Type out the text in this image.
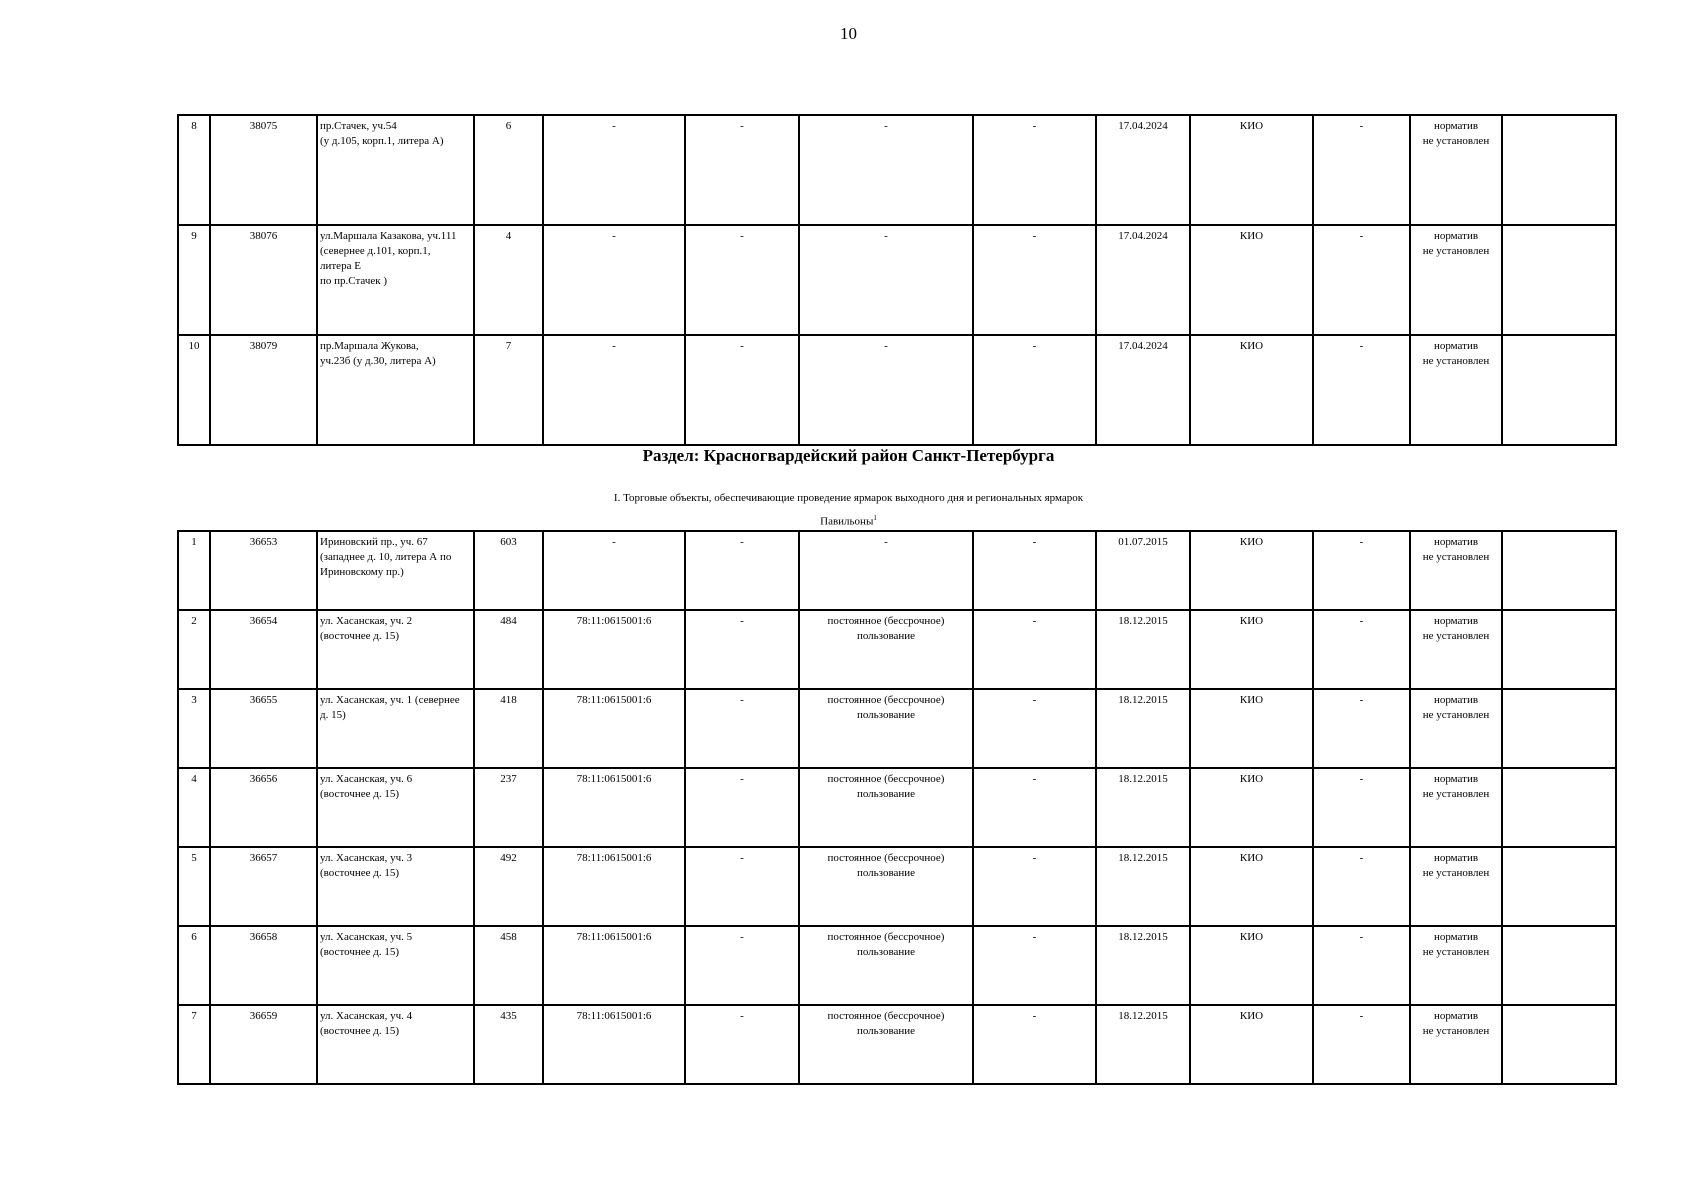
10
8	38075	пр.Стачек, уч.54
(у д.105, корп.1, литера А)	6	-	-	-	-	17.04.2024	КИО	-	норматив
не установлен	
9	38076	ул.Маршала Казакова, уч.111
(севернее д.101, корп.1,
литера Е
по пр.Стачек )	4	-	-	-	-	17.04.2024	КИО	-	норматив
не установлен	
10	38079	пр.Маршала Жукова,
уч.23б (у д.30, литера А)	7	-	-	-	-	17.04.2024	КИО	-	норматив
не установлен	
Раздел: Красногвардейский район Санкт-Петербурга
I. Торговые объекты, обеспечивающие проведение ярмарок выходного дня и региональных ярмарок
Павильоны$^1$
1	36653	Ириновский пр., уч. 67
(западнее д. 10, литера А по
Ириновскому пр.)	603	-	-	-	-	01.07.2015	КИО	-	норматив
не установлен	
2	36654	ул. Хасанская, уч. 2
(восточнее д. 15)	484	78:11:0615001:6	-	постоянное (бессрочное)
пользование	-	18.12.2015	КИО	-	норматив
не установлен	
3	36655	ул. Хасанская, уч. 1 (севернее
д. 15)	418	78:11:0615001:6	-	постоянное (бессрочное)
пользование	-	18.12.2015	КИО	-	норматив
не установлен	
4	36656	ул. Хасанская, уч. 6
(восточнее д. 15)	237	78:11:0615001:6	-	постоянное (бессрочное)
пользование	-	18.12.2015	КИО	-	норматив
не установлен	
5	36657	ул. Хасанская, уч. 3
(восточнее д. 15)	492	78:11:0615001:6	-	постоянное (бессрочное)
пользование	-	18.12.2015	КИО	-	норматив
не установлен	
6	36658	ул. Хасанская, уч. 5
(восточнее д. 15)	458	78:11:0615001:6	-	постоянное (бессрочное)
пользование	-	18.12.2015	КИО	-	норматив
не установлен	
7	36659	ул. Хасанская, уч. 4
(восточнее д. 15)	435	78:11:0615001:6	-	постоянное (бессрочное)
пользование	-	18.12.2015	КИО	-	норматив
не установлен	
